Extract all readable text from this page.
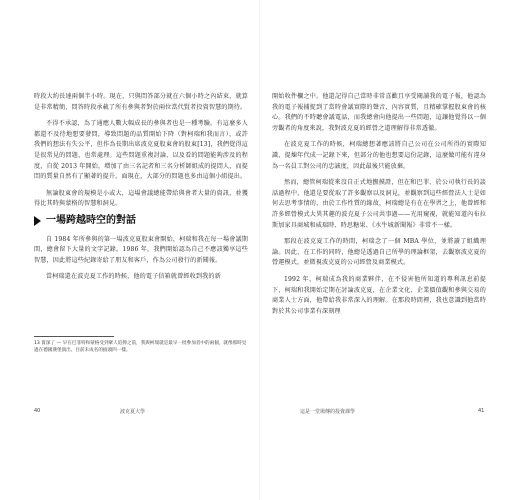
時段大約長達兩個半小時。現在，只與問答部分就在六個小時之內結束，就算是非常精簡，問答時段承載了所有參與者對於兩位當代賢者投資智慧的期待。

不得不承認，為了通應人數大幅成長的參與者也是一種考驗。有這麼多人都還不及待地想要發問，導致問題的品質開始下降（對柯瑞和我而言），或許我們的想法有失公平，但作為長期出席波克夏股東會的股東[13]，我們覺得這是很常見的問題，也常處理。這些問題重複討論、以及看的問題能夠涉及的程度，自從 2013 年開始，增加了由三名記者和三名分析師組成的提問人，而提問的質量自然有了顯著的提升。面現在，大部分的問題也多由這個小組提出。

無論股東會的規模是小或大，這場會議總能帶給與會者大量的資訊，並獲得比其時與蒙格的智慧和洞見。

一場跨越時空的對話

自 1984 年所參與的第一場波克夏股東會開始，柯瑞和我在每一場會議期間，總會留下大量的文字記錄。1986 年，我們開始認為自己不應該獨享這些智慧，因此將這些紀錄寄給了朋友和客戶，作為公司發行的新聞報。

當柯瑞還在波克夏工作的時候，他的電子信箱就曾經收到我的新

13 資深了 — 早在巴菲特和蒙格受到眾人追捧之前，我與柯瑞就是最早一批參加者中的兩個，就像那時見過在德國漢堡演出、目前未成名的披頭四一樣。
40	波克夏大學

開始收件欄之中。他還記得自己當時非常喜歡且享受閱讀我的電子報，他認為我的電子報捕捉到了當時會議實際的聲音、內容實質，且精確掌握股東會的核心。我們的不時聽會議電話，而我總會向他提出一些問題，這讓他覺得以一個旁觀者的角度來說，我對波克夏的經營之道理解得非常透徹。

在波克夏工作的時候，柯瑞總想著應該將自己公司在公司所得的實際知識，提煉年代成一記錄下來，但部分的他也想要這份記錄，這麼做可能有違身為一名員工對公司的忠誠度，因此最後只能放棄。

然而，總管柯瑞從來沒自正式地撫摸證，但在和巴菲、於公司執行長的談話過程中，他還是要從取了許多觀察以及洞見，並觀察到這些經營法人士是如何去思考事情的、由於工作性質的緣故，柯瑞總是有在在學習之上，他曾經和許多經營模式大異其趣的波克夏子公司共事過——光用窺視，就能知道內布拉斯加家具商城和威瑞時、時思糖果、《水牛城新聞報》非常不一樣。

那段在波克夏工作的時間，柯瑞念了一個 MBA 學位，並將讀了組織理論。因此，在工作的同時，他總是透過自己所學的理論框架，去觀察波克夏的營運模式，並微視波克夏的公司經營及商業模式。

1992 年，柯瑞成為我的商業夥伴，在不侵害他所知道的專利訊息前提下，柯瑞和我開始定期在討論波克夏，在企業文化、企業價值觀和參與交易的商業人士方面，他帶給我非常深入的理解。在那段時間裡，我也意識到他當時對於其公司事業有深刻理

這是一堂場傳的投資課學	41
